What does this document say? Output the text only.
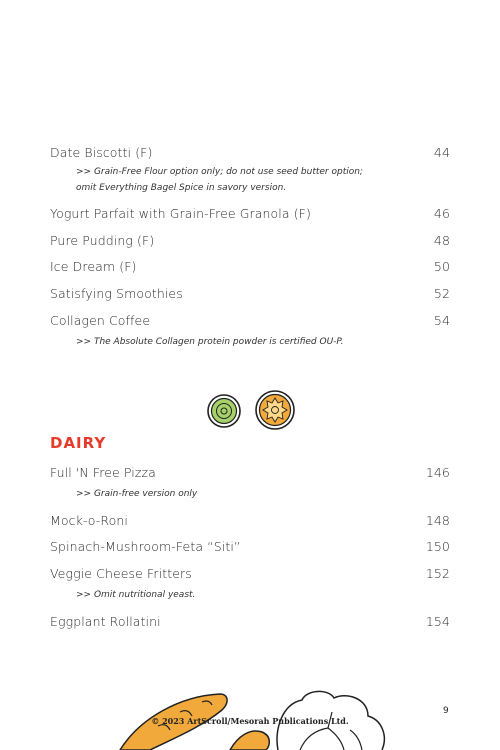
Date Biscotti (F)	44
>> Grain-Free Flour option only; do not use seed butter option;
omit Everything Bagel Spice in savory version.
Yogurt Parfait with Grain-Free Granola (F)	46
Pure Pudding (F)	48
Ice Dream (F)	50
Satisfying Smoothies	52
Collagen Coffee	54
>> The Absolute Collagen protein powder is certified OU-P.
DAIRY
Full 'N Free Pizza	146
>> Grain-free version only
Mock-o-Roni	148
Spinach-Mushroom-Feta “Siti”	150
Veggie Cheese Fritters	152
>> Omit nutritional yeast.
Eggplant Rollatini	154
9
© 2023 ArtScroll/Mesorah Publications Ltd.
